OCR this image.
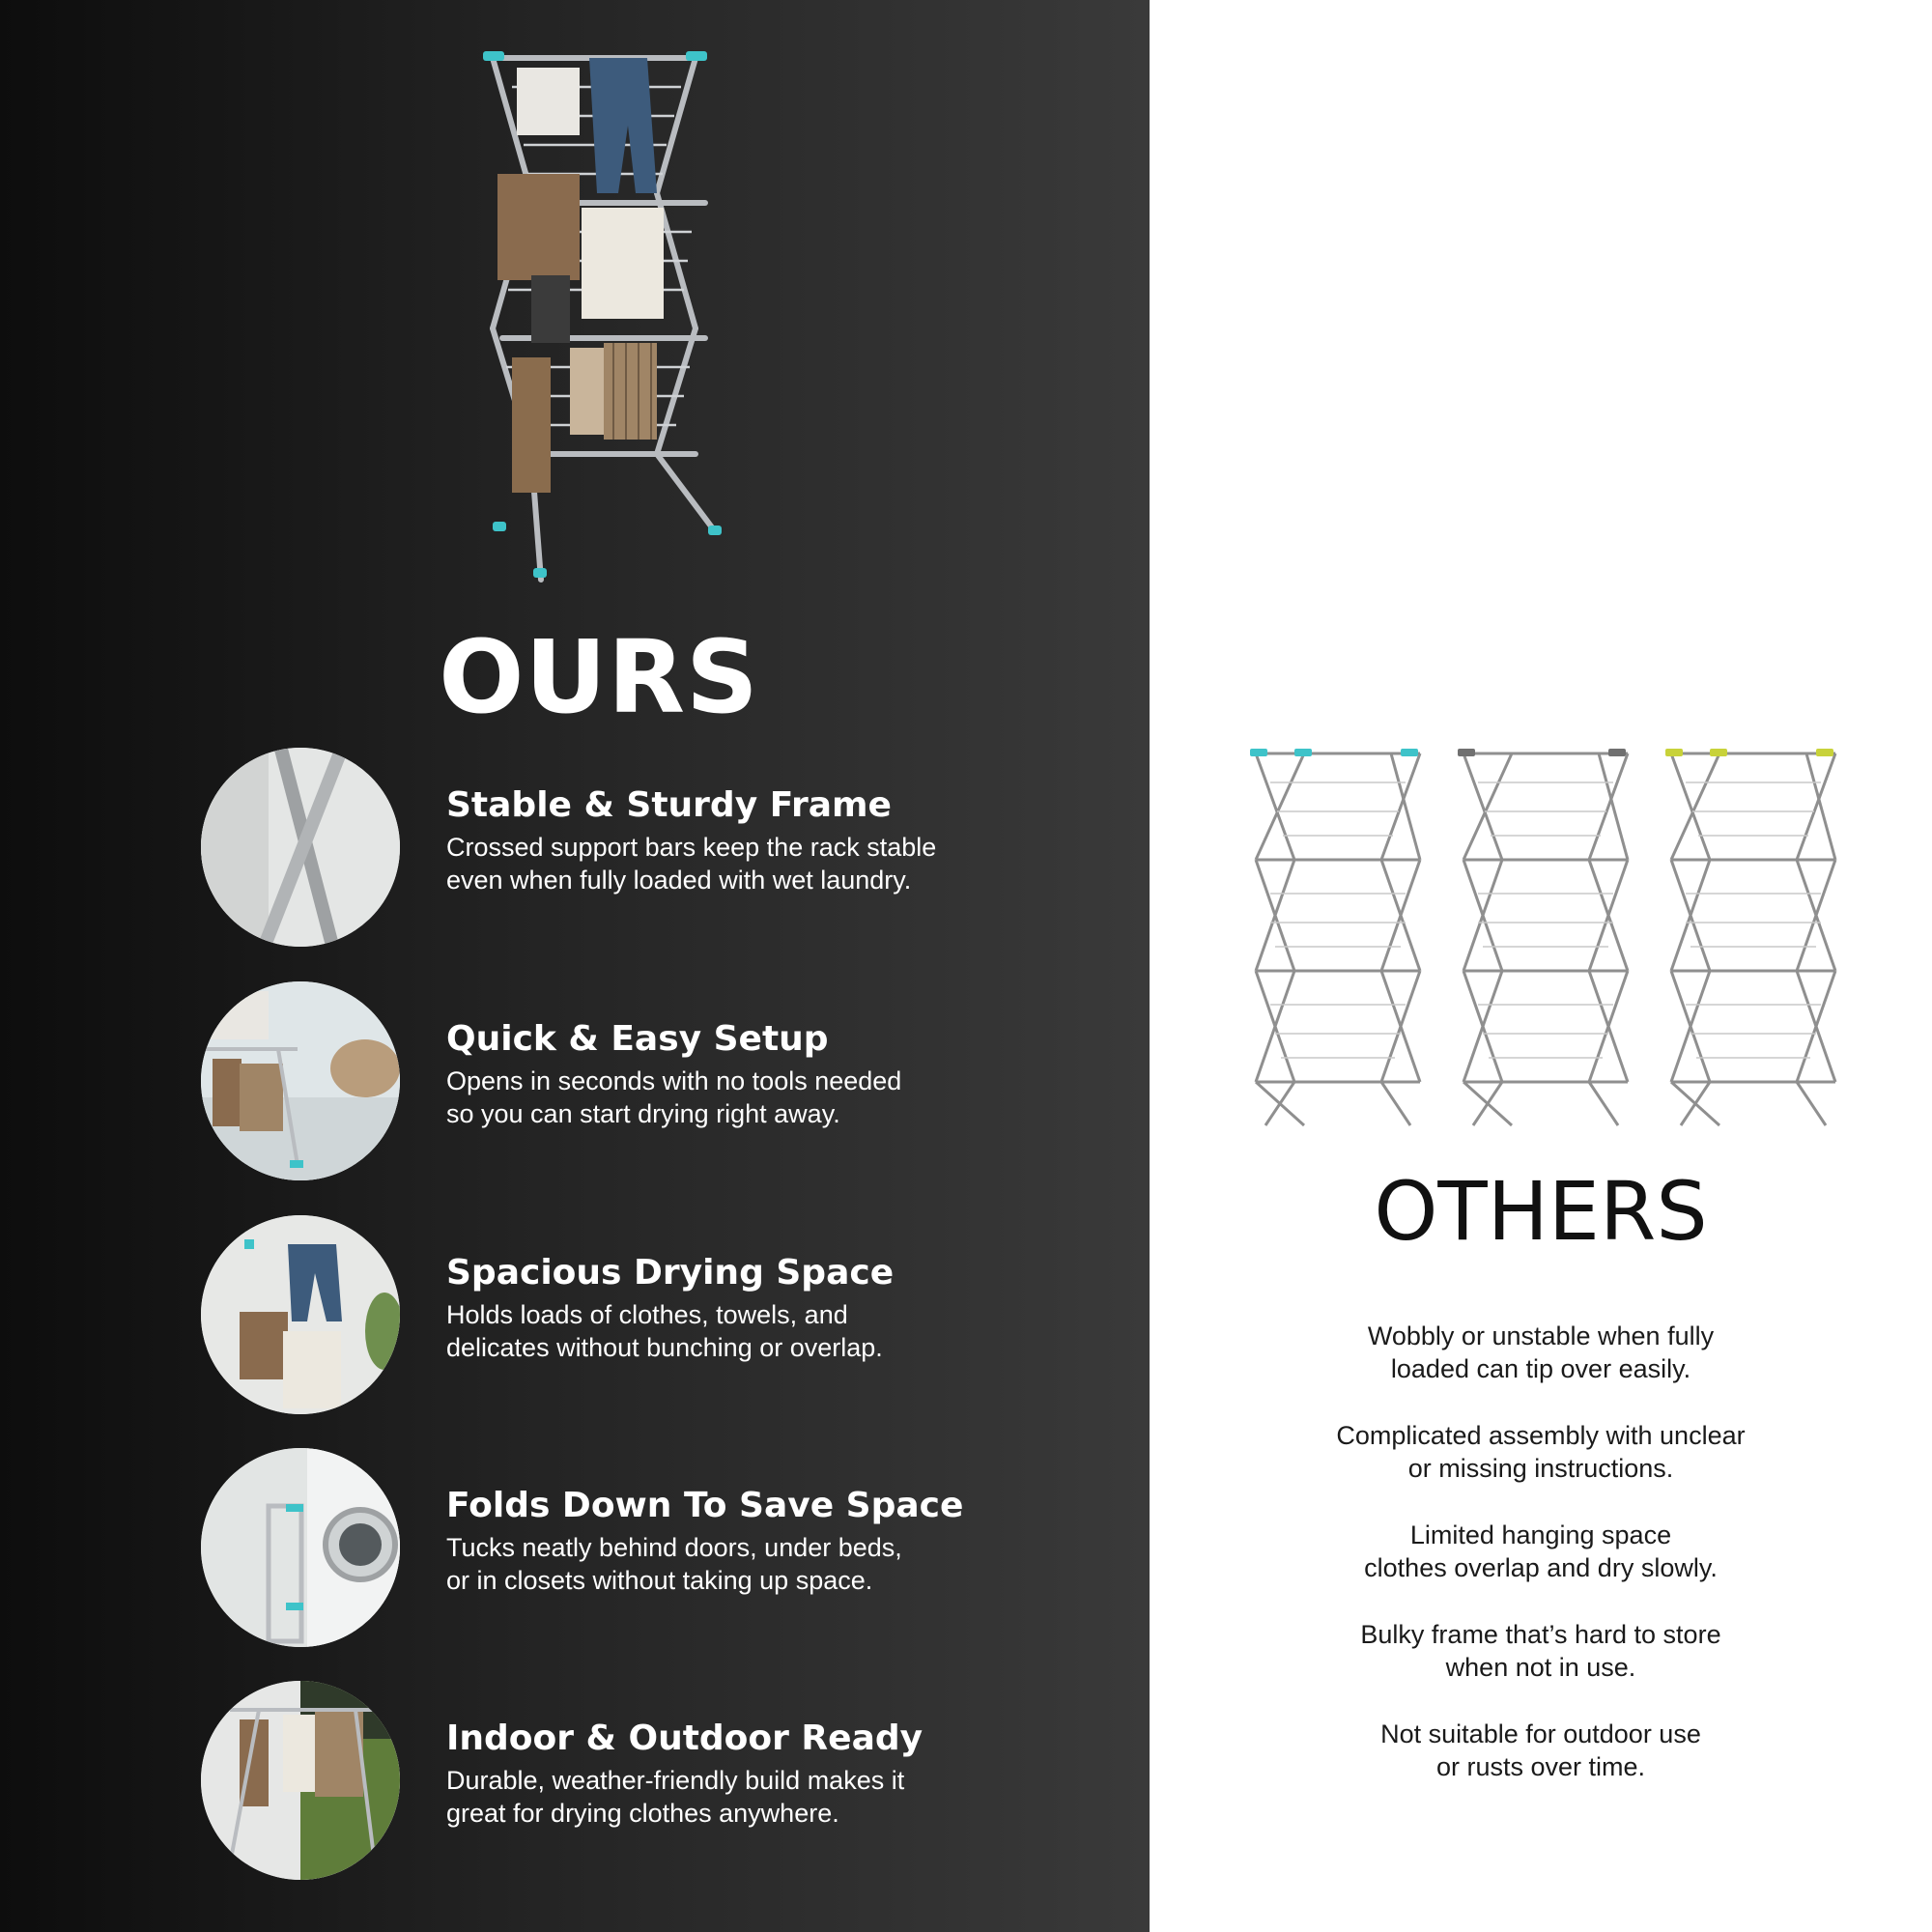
OURS
Stable & Sturdy Frame
Crossed support bars keep the rack stable
even when fully loaded with wet laundry.
Quick & Easy Setup
Opens in seconds with no tools needed
so you can start drying right away.
Spacious Drying Space
Holds loads of clothes, towels, and
delicates without bunching or overlap.
Folds Down To Save Space
Tucks neatly behind doors, under beds,
or in closets without taking up space.
Indoor & Outdoor Ready
Durable, weather-friendly build makes it
great for drying clothes anywhere.
OTHERS
Wobbly or unstable when fully
loaded can tip over easily.
Complicated assembly with unclear
or missing instructions.
Limited hanging space
clothes overlap and dry slowly.
Bulky frame that’s hard to store
when not in use.
Not suitable for outdoor use
or rusts over time.
